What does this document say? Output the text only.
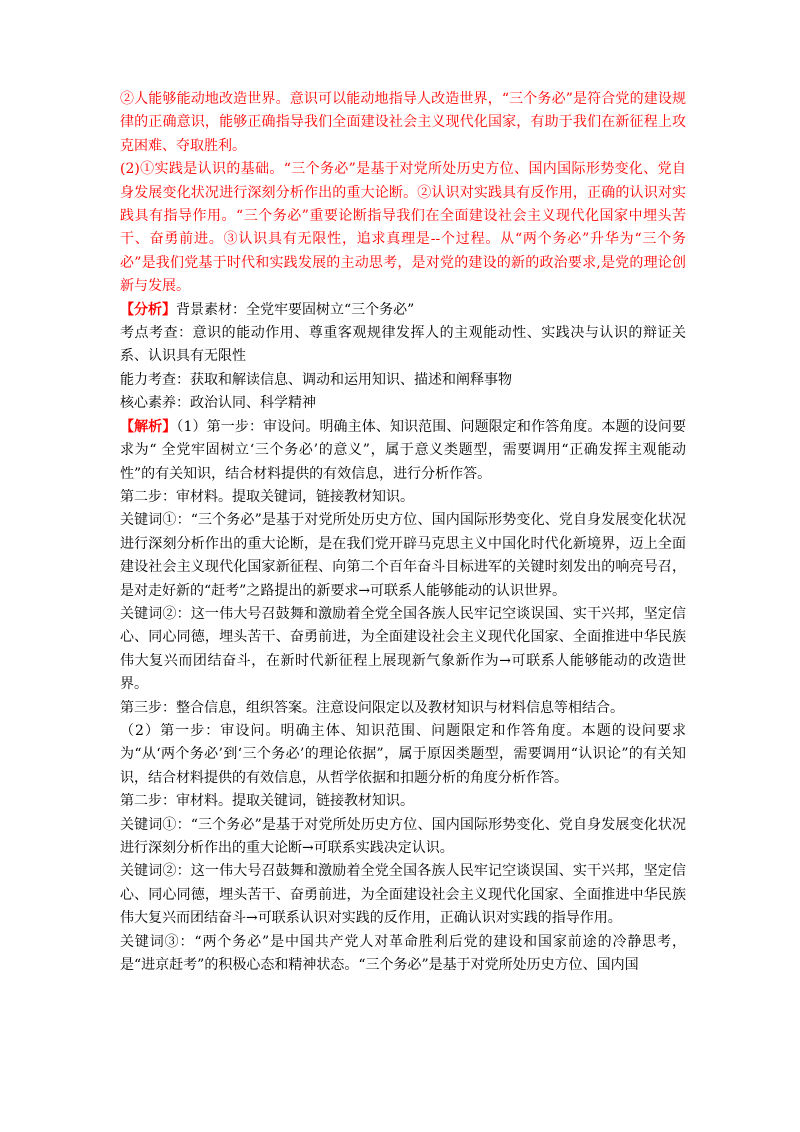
②人能够能动地改造世界。意识可以能动地指导人改造世界，“三个务必”是符合党的建设规律的正确意识，能够正确指导我们全面建设社会主义现代化国家，有助于我们在新征程上攻克困难、夺取胜利。

(2)①实践是认识的基础。“三个务必”是基于对党所处历史方位、国内国际形势变化、党自身发展变化状况进行深刻分析作出的重大论断。②认识对实践具有反作用，正确的认识对实践具有指导作用。“三个务必”重要论断指导我们在全面建设社会主义现代化国家中埋头苦干、奋勇前进。③认识具有无限性，追求真理是--个过程。从“两个务必”升华为“三个务必”是我们党基于时代和实践发展的主动思考，是对党的建设的新的政治要求,是党的理论创新与发展。

【分析】背景素材：全党牢要固树立“三个务必”

考点考查：意识的能动作用、尊重客观规律发挥人的主观能动性、实践决与认识的辩证关系、认识具有无限性

能力考查：获取和解读信息、调动和运用知识、描述和阐释事物

核心素养：政治认同、科学精神

【解析】（1）第一步：审设问。明确主体、知识范围、问题限定和作答角度。本题的设问要求为“ 全党牢固树立‘三个务必’的意义”，属于意义类题型，需要调用“正确发挥主观能动性”的有关知识，结合材料提供的有效信息，进行分析作答。

第二步：审材料。提取关键词，链接教材知识。

关键词①：“三个务必”是基于对党所处历史方位、国内国际形势变化、党自身发展变化状况进行深刻分析作出的重大论断，是在我们党开辟马克思主义中国化时代化新境界，迈上全面建设社会主义现代化国家新征程、向第二个百年奋斗目标进军的关键时刻发出的响亮号召，是对走好新的“赶考”之路提出的新要求→可联系人能够能动的认识世界。

关键词②：这一伟大号召鼓舞和激励着全党全国各族人民牢记空谈误国、实干兴邦，坚定信心、同心同德，埋头苦干、奋勇前进，为全面建设社会主义现代化国家、全面推进中华民族伟大复兴而团结奋斗，在新时代新征程上展现新气象新作为→可联系人能够能动的改造世界。

第三步：整合信息，组织答案。注意设问限定以及教材知识与材料信息等相结合。

（2）第一步：审设问。明确主体、知识范围、问题限定和作答角度。本题的设问要求为“从‘两个务必’到‘三个务必’的理论依据”，属于原因类题型，需要调用“认识论”的有关知识，结合材料提供的有效信息，从哲学依据和扣题分析的角度分析作答。

第二步：审材料。提取关键词，链接教材知识。

关键词①：“三个务必”是基于对党所处历史方位、国内国际形势变化、党自身发展变化状况进行深刻分析作出的重大论断→可联系实践决定认识。

关键词②：这一伟大号召鼓舞和激励着全党全国各族人民牢记空谈误国、实干兴邦，坚定信心、同心同德，埋头苦干、奋勇前进，为全面建设社会主义现代化国家、全面推进中华民族伟大复兴而团结奋斗→可联系认识对实践的反作用，正确认识对实践的指导作用。

关键词③：“两个务必”是中国共产党人对革命胜利后党的建设和国家前途的冷静思考，是“进京赶考”的积极心态和精神状态。“三个务必”是基于对党所处历史方位、国内国
